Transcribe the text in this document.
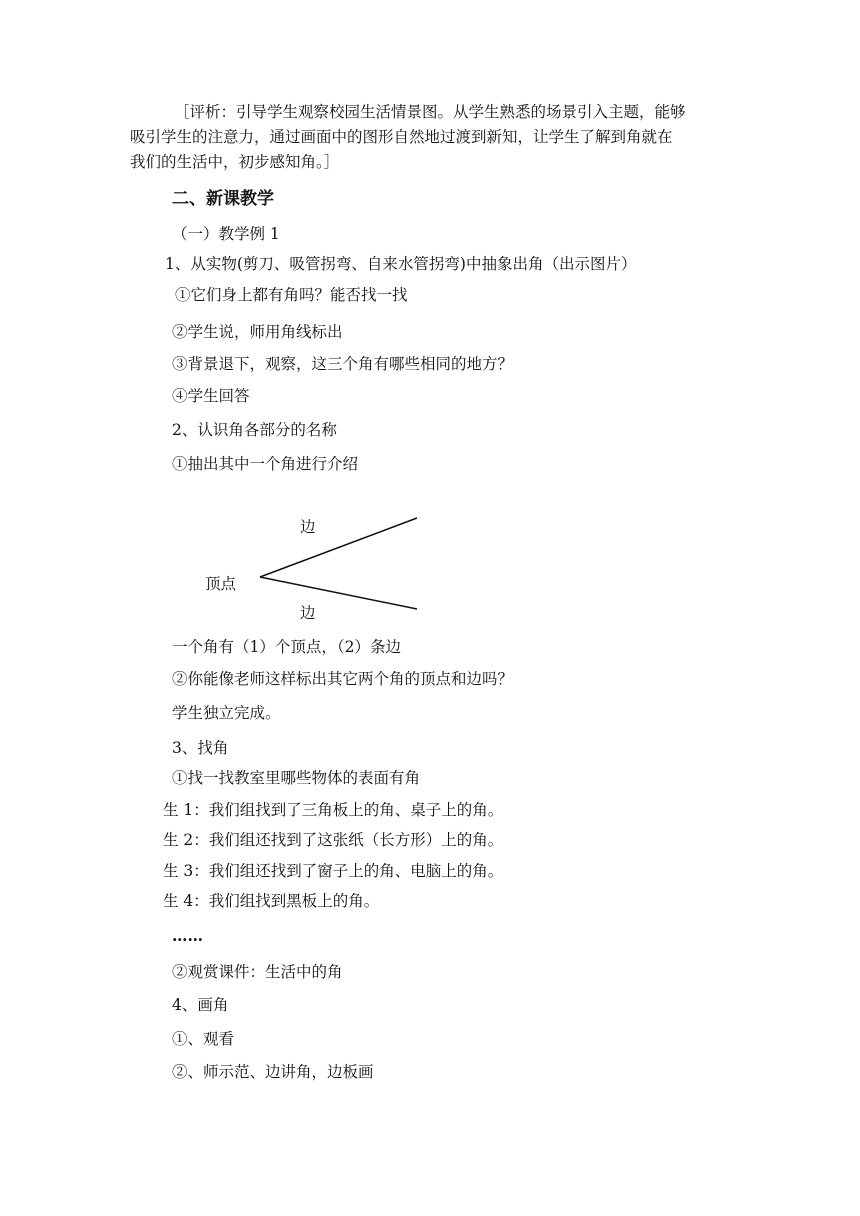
［评析：引导学生观察校园生活情景图。从学生熟悉的场景引入主题，能够

吸引学生的注意力，通过画面中的图形自然地过渡到新知，让学生了解到角就在

我们的生活中，初步感知角。］

二、新课教学
（一）教学例 1
1、从实物(剪刀、吸管拐弯、自来水管拐弯)中抽象出角（出示图片）
①它们身上都有角吗？能否找一找
②学生说，师用角线标出
③背景退下，观察，这三个角有哪些相同的地方？
④学生回答
2、认识角各部分的名称
①抽出其中一个角进行介绍
边
顶点
边
一个角有（1）个顶点，（2）条边
②你能像老师这样标出其它两个角的顶点和边吗？
学生独立完成。
3、找角
①找一找教室里哪些物体的表面有角
生 1：我们组找到了三角板上的角、桌子上的角。
生 2：我们组还找到了这张纸（长方形）上的角。
生 3：我们组还找到了窗子上的角、电脑上的角。
生 4：我们组找到黑板上的角。
……
②观赏课件：生活中的角
4、画角
①、观看
②、师示范、边讲角，边板画
